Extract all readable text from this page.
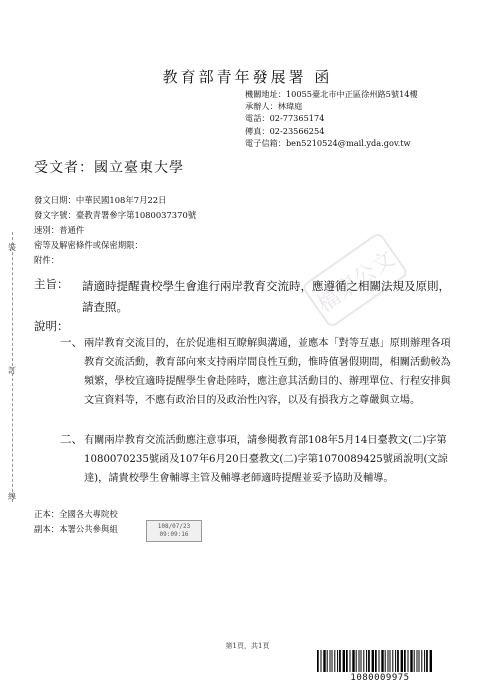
檔案公文
教育部青年發展署 函
機關地址：10055臺北市中正區徐州路5號14樓
承辦人：林瑋庭
電話：02-77365174
傳真：02-23566254
電子信箱：ben5210524@mail.yda.gov.tw
受文者：國立臺東大學
發文日期：中華民國108年7月22日
發文字號：臺教青署參字第1080037370號
速別：普通件
密等及解密條件或保密期限：
附件：
主旨： 請適時提醒貴校學生會進行兩岸教育交流時，應遵循之相關法規及原則，請查照。
說明：
一、 兩岸教育交流目的，在於促進相互瞭解與溝通，並應本「對等互惠」原則辦理各項教育交流活動，教育部向來支持兩岸間良性互動，惟時值暑假期間，相關活動較為頻繁，學校宜適時提醒學生會赴陸時，應注意其活動目的、辦理單位、行程安排與文宣資料等，不應有政治目的及政治性內容，以及有損我方之尊嚴與立場。
二、 有關兩岸教育交流活動應注意事項，請參閱教育部108年5月14日臺教文(二)字第1080070235號函及107年6月20日臺教文(二)字第1070089425號函說明(文諒達)，請貴校學生會輔導主管及輔導老師適時提醒並妥予協助及輔導。
正本：全國各大專院校
副本：本署公共參與組	108/07/23
09:09:16
裝
訂
線
第1頁，共1頁
1080009975
